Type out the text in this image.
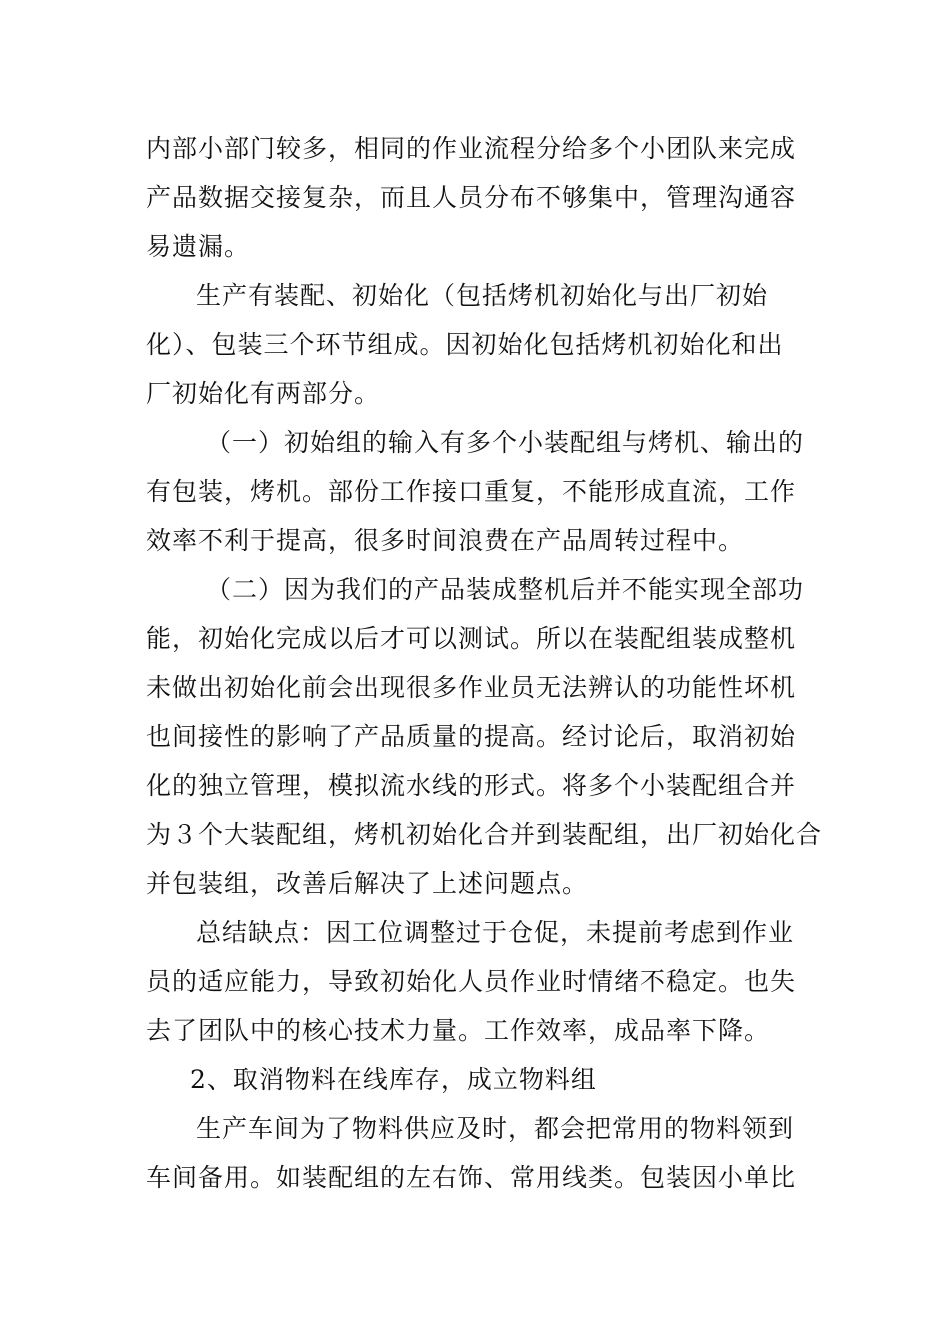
内部小部门较多，相同的作业流程分给多个小团队来完成
产品数据交接复杂，而且人员分布不够集中，管理沟通容
易遗漏。
生产有装配、初始化（包括烤机初始化与出厂初始
化）、包装三个环节组成。因初始化包括烤机初始化和出
厂初始化有两部分。
（一）初始组的输入有多个小装配组与烤机、输出的
有包装，烤机。部份工作接口重复，不能形成直流，工作
效率不利于提高，很多时间浪费在产品周转过程中。
（二）因为我们的产品装成整机后并不能实现全部功
能，初始化完成以后才可以测试。所以在装配组装成整机
未做出初始化前会出现很多作业员无法辨认的功能性坏机
也间接性的影响了产品质量的提高。经讨论后，取消初始
化的独立管理，模拟流水线的形式。将多个小装配组合并
为３个大装配组，烤机初始化合并到装配组，出厂初始化合
并包装组，改善后解决了上述问题点。
总结缺点：因工位调整过于仓促，未提前考虑到作业
员的适应能力，导致初始化人员作业时情绪不稳定。也失
去了团队中的核心技术力量。工作效率，成品率下降。
2、取消物料在线库存，成立物料组
生产车间为了物料供应及时，都会把常用的物料领到
车间备用。如装配组的左右饰、常用线类。包装因小单比
